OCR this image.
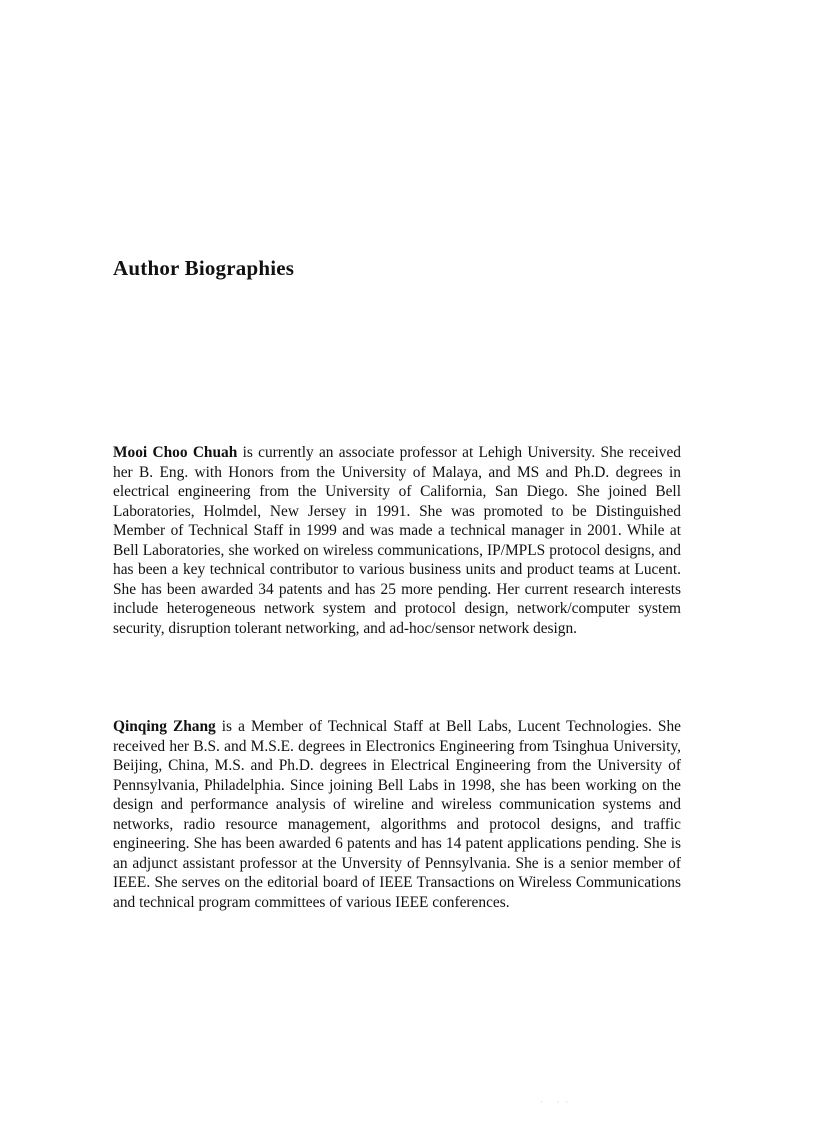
Author Biographies

Mooi Choo Chuah is currently an associate professor at Lehigh University. She received her B. Eng. with Honors from the University of Malaya, and MS and Ph.D. degrees in electrical engineering from the University of California, San Diego. She joined Bell Laboratories, Holmdel, New Jersey in 1991. She was promoted to be Distinguished Member of Technical Staff in 1999 and was made a technical manager in 2001. While at Bell Laboratories, she worked on wireless communications, IP/MPLS protocol designs, and has been a key technical contributor to various business units and product teams at Lucent. She has been awarded 34 patents and has 25 more pending. Her current research interests include heterogeneous network system and protocol design, network/computer system security, disruption tolerant networking, and ad-hoc/sensor network design.

Qinqing Zhang is a Member of Technical Staff at Bell Labs, Lucent Technologies. She received her B.S. and M.S.E. degrees in Electronics Engineering from Tsinghua University, Beijing, China, M.S. and Ph.D. degrees in Electrical Engineering from the University of Pennsylvania, Philadelphia. Since joining Bell Labs in 1998, she has been working on the design and performance analysis of wireline and wireless communication systems and networks, radio resource management, algorithms and protocol designs, and traffic engineering. She has been awarded 6 patents and has 14 patent applications pending. She is an adjunct assistant professor at the Unversity of Pennsylvania. She is a senior member of IEEE. She serves on the editorial board of IEEE Transactions on Wireless Communications and technical program committees of various IEEE conferences.

· ··
